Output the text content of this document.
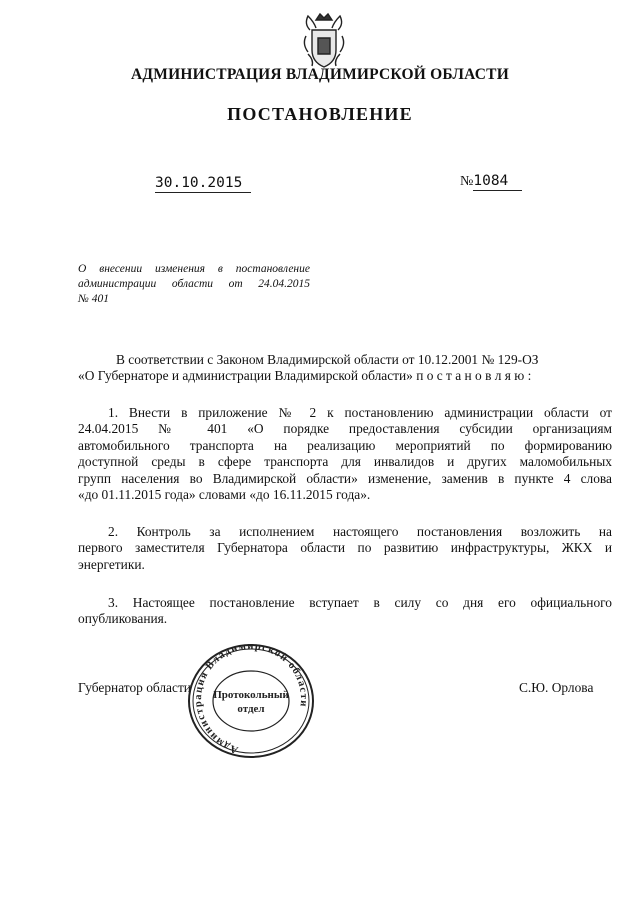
АДМИНИСТРАЦИЯ ВЛАДИМИРСКОЙ ОБЛАСТИ
ПОСТАНОВЛЕНИЕ
30.10.2015	№1084
О внесении изменения в постановление
администрации области от 24.04.2015
№ 401
В соответствии с Законом Владимирской области от 10.12.2001 № 129-ОЗ
«О Губернаторе и администрации Владимирской области» п о с т а н о в л я ю :
1. Внести в приложение № 2 к постановлению администрации области от
24.04.2015 № 401 «О порядке предоставления субсидии организациям
автомобильного транспорта на реализацию мероприятий по формированию
доступной среды в сфере транспорта для инвалидов и других маломобильных
групп населения во Владимирской области» изменение, заменив в пункте 4 слова
«до 01.11.2015 года» словами «до 16.11.2015 года».
2. Контроль за исполнением настоящего постановления возложить на
первого заместителя Губернатора области по развитию инфраструктуры, ЖКХ и
энергетики.
3. Настоящее постановление вступает в силу со дня его официального
опубликования.
Губернатор области	С.Ю. Орлова
Администрация Владимирской области
Протокольный
отдел
